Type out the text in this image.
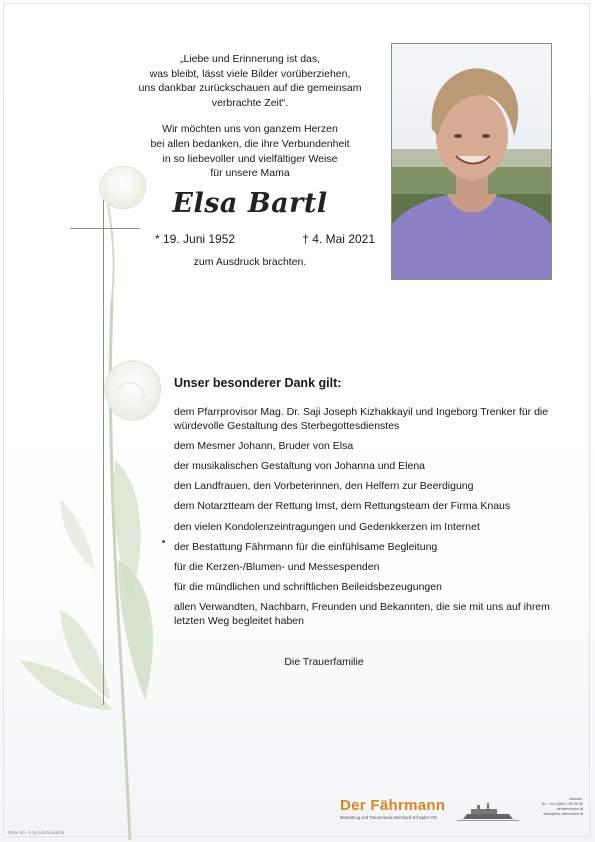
„Liebe und Erinnerung ist das,

was bleibt, lässt viele Bilder vorüberziehen,

uns dankbar zurückschauen auf die gemeinsam

verbrachte Zeit“.

Wir möchten uns von ganzem Herzen

bei allen bedanken, die ihre Verbundenheit

in so liebevoller und vielfältiger Weise

für unsere Mama

Elsa Bartl
* 19. Juni 1952	† 4. Mai 2021
zum Ausdruck brachten.
Unser besonderer Dank gilt:
dem Pfarrprovisor Mag. Dr. Saji Joseph Kizhakkayil und Ingeborg Trenker für die würdevolle Gestaltung des Sterbegottesdienstes
dem Mesmer Johann, Bruder von Elsa
der musikalischen Gestaltung von Johanna und Elena
den Landfrauen, den Vorbeterinnen, den Helfern zur Beerdigung
dem Notarztteam der Rettung Imst, dem Rettungsteam der Firma Knaus
den vielen Kondolenzeintragungen und Gedenkkerzen im Internet
der Bestattung Fährmann für die einfühlsame Begleitung
für die Kerzen-/Blumen- und Messespenden
für die mündlichen und schriftlichen Beileidsbezeugungen
allen Verwandten, Nachbarn, Freunden und Bekannten, die sie mit uns auf ihrem letzten Weg begleitet haben
Die Trauerfamilie
Der Fährmann
Bestattung und Trauerrituale Bernhard Schopfer OG
Notrufnr.
Tel.: +43 (0)664 190 99 60
derfaehrmann.at
office@der-faehrmann.at
Rose 10 - 5 by Lisch/Austria
